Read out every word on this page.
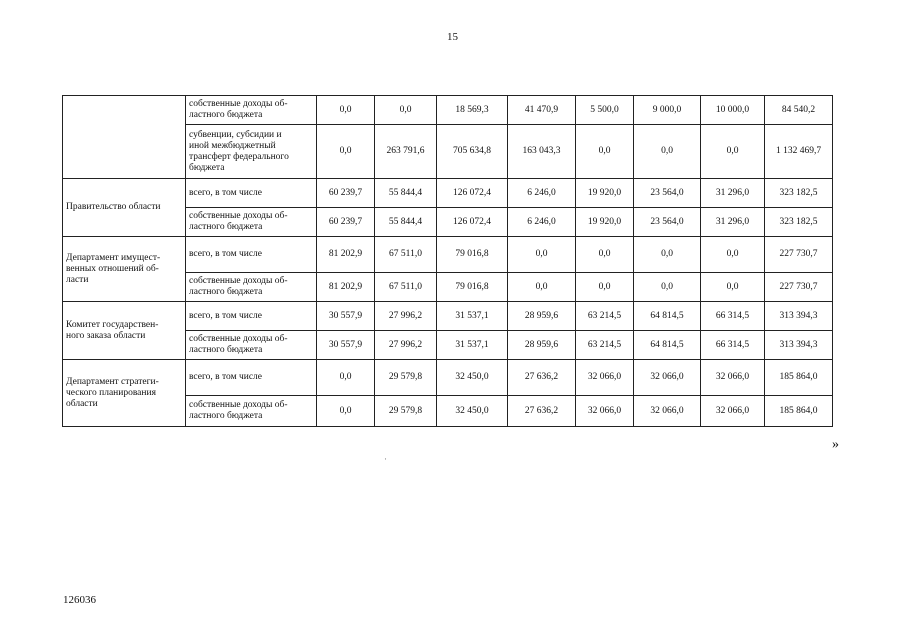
15
	собственные доходы об-
ластного бюджета	0,0	0,0	18 569,3	41 470,9	5 500,0	9 000,0	10 000,0	84 540,2
	субвенции, субсидии и
иной межбюджетный
трансферт федерального
бюджета	0,0	263 791,6	705 634,8	163 043,3	0,0	0,0	0,0	1 132 469,7
Правительство области	всего, в том числе	60 239,7	55 844,4	126 072,4	6 246,0	19 920,0	23 564,0	31 296,0	323 182,5
	собственные доходы об-
ластного бюджета	60 239,7	55 844,4	126 072,4	6 246,0	19 920,0	23 564,0	31 296,0	323 182,5
Департамент имущест-
венных отношений об-
ласти	всего, в том числе	81 202,9	67 511,0	79 016,8	0,0	0,0	0,0	0,0	227 730,7
	собственные доходы об-
ластного бюджета	81 202,9	67 511,0	79 016,8	0,0	0,0	0,0	0,0	227 730,7
Комитет государствен-
ного заказа области	всего, в том числе	30 557,9	27 996,2	31 537,1	28 959,6	63 214,5	64 814,5	66 314,5	313 394,3
	собственные доходы об-
ластного бюджета	30 557,9	27 996,2	31 537,1	28 959,6	63 214,5	64 814,5	66 314,5	313 394,3
Департамент стратеги-
ческого планирования
области	всего, в том числе	0,0	29 579,8	32 450,0	27 636,2	32 066,0	32 066,0	32 066,0	185 864,0
	собственные доходы об-
ластного бюджета	0,0	29 579,8	32 450,0	27 636,2	32 066,0	32 066,0	32 066,0	185 864,0
»
·
126036
